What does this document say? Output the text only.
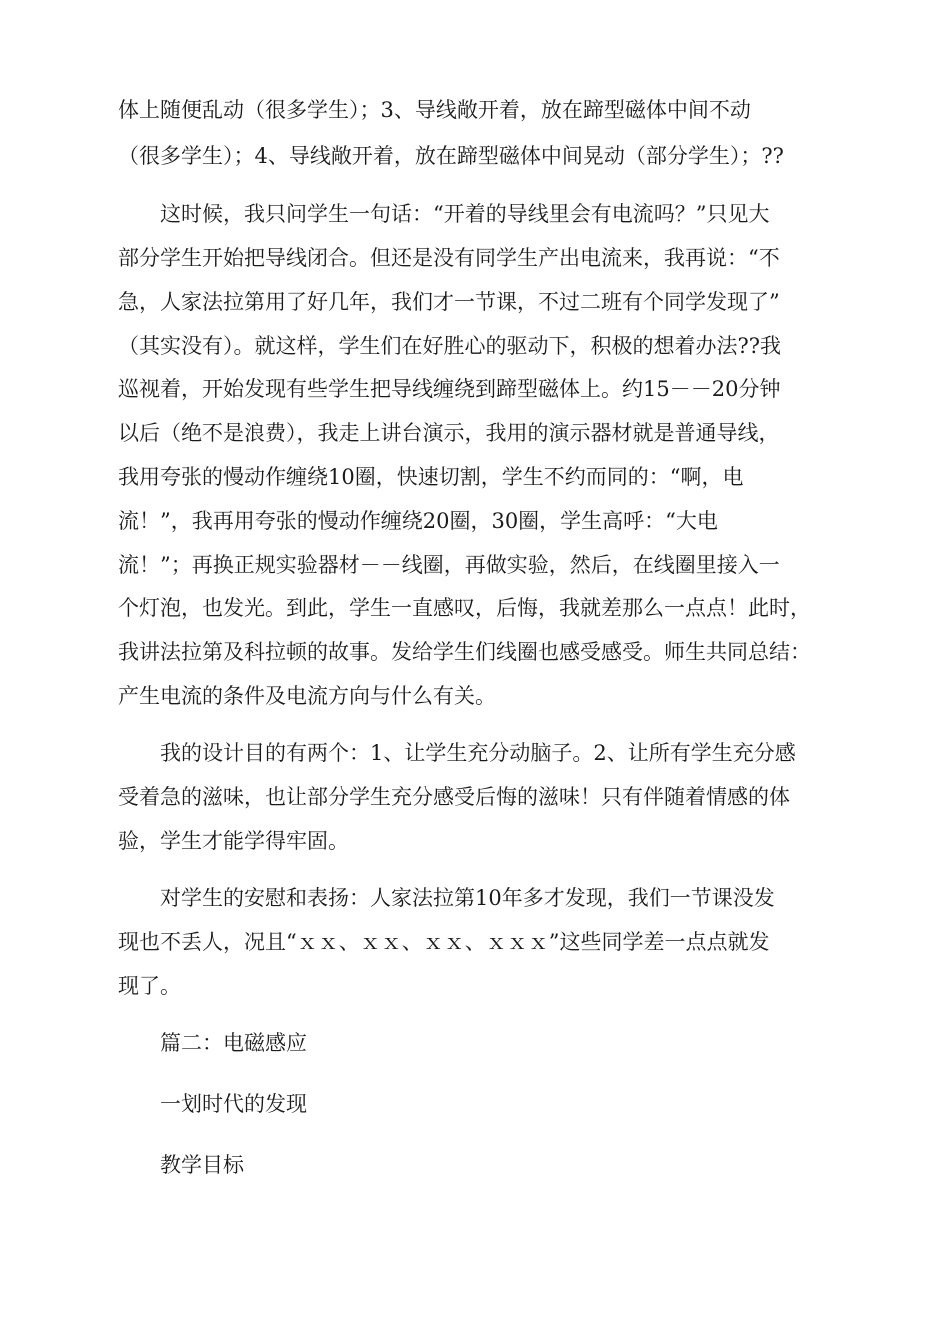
体上随便乱动（很多学生）；3、导线敞开着，放在蹄型磁体中间不动
（很多学生）；4、导线敞开着，放在蹄型磁体中间晃动（部分学生）；??
这时候，我只问学生一句话：“开着的导线里会有电流吗？”只见大
部分学生开始把导线闭合。但还是没有同学生产出电流来，我再说：“不
急，人家法拉第用了好几年，我们才一节课，不过二班有个同学发现了”
（其实没有）。就这样，学生们在好胜心的驱动下，积极的想着办法??我
巡视着，开始发现有些学生把导线缠绕到蹄型磁体上。约15－－20分钟
以后（绝不是浪费），我走上讲台演示，我用的演示器材就是普通导线，
我用夸张的慢动作缠绕10圈，快速切割，学生不约而同的：“啊，电
流！”，我再用夸张的慢动作缠绕20圈，30圈，学生高呼：“大电
流！”；再换正规实验器材－－线圈，再做实验，然后，在线圈里接入一
个灯泡，也发光。到此，学生一直感叹，后悔，我就差那么一点点！此时，
我讲法拉第及科拉顿的故事。发给学生们线圈也感受感受。师生共同总结：
产生电流的条件及电流方向与什么有关。
我的设计目的有两个：1、让学生充分动脑子。2、让所有学生充分感
受着急的滋味，也让部分学生充分感受后悔的滋味！只有伴随着情感的体
验，学生才能学得牢固。
对学生的安慰和表扬：人家法拉第10年多才发现，我们一节课没发
现也不丢人，况且“ｘｘ、ｘｘ、ｘｘ、ｘｘｘ”这些同学差一点点就发
现了。
篇二：电磁感应
一划时代的发现
教学目标
